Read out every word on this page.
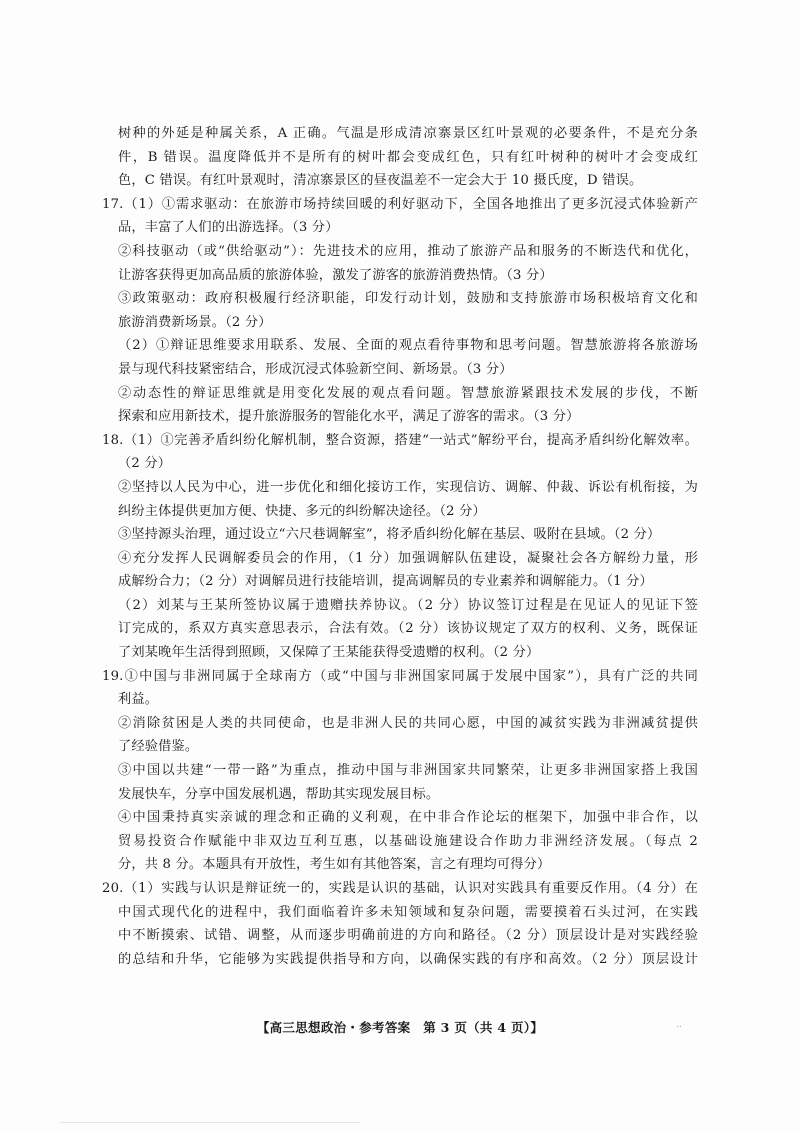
树种的外延是种属关系，A 正确。气温是形成清凉寨景区红叶景观的必要条件，不是充分条
件，B 错误。温度降低并不是所有的树叶都会变成红色，只有红叶树种的树叶才会变成红
色，C 错误。有红叶景观时，清凉寨景区的昼夜温差不一定会大于 10 摄氏度，D 错误。
17.（1）①需求驱动：在旅游市场持续回暖的利好驱动下，全国各地推出了更多沉浸式体验新产
品，丰富了人们的出游选择。（3 分）
②科技驱动（或“供给驱动”）：先进技术的应用，推动了旅游产品和服务的不断迭代和优化，
让游客获得更加高品质的旅游体验，激发了游客的旅游消费热情。（3 分）
③政策驱动：政府积极履行经济职能，印发行动计划，鼓励和支持旅游市场积极培育文化和
旅游消费新场景。（2 分）
（2）①辩证思维要求用联系、发展、全面的观点看待事物和思考问题。智慧旅游将各旅游场
景与现代科技紧密结合，形成沉浸式体验新空间、新场景。（3 分）
②动态性的辩证思维就是用变化发展的观点看问题。智慧旅游紧跟技术发展的步伐，不断
探索和应用新技术，提升旅游服务的智能化水平，满足了游客的需求。（3 分）
18.（1）①完善矛盾纠纷化解机制，整合资源，搭建“一站式”解纷平台，提高矛盾纠纷化解效率。
（2 分）
②坚持以人民为中心，进一步优化和细化接访工作，实现信访、调解、仲裁、诉讼有机衔接，为
纠纷主体提供更加方便、快捷、多元的纠纷解决途径。（2 分）
③坚持源头治理，通过设立“六尺巷调解室”，将矛盾纠纷化解在基层、吸附在县域。（2 分）
④充分发挥人民调解委员会的作用，（1 分）加强调解队伍建设，凝聚社会各方解纷力量，形
成解纷合力；（2 分）对调解员进行技能培训，提高调解员的专业素养和调解能力。（1 分）
（2）刘某与王某所签协议属于遗赠扶养协议。（2 分）协议签订过程是在见证人的见证下签
订完成的，系双方真实意思表示，合法有效。（2 分）该协议规定了双方的权利、义务，既保证
了刘某晚年生活得到照顾，又保障了王某能获得受遗赠的权利。（2 分）
19.①中国与非洲同属于全球南方（或“中国与非洲国家同属于发展中国家”），具有广泛的共同
利益。
②消除贫困是人类的共同使命，也是非洲人民的共同心愿，中国的减贫实践为非洲减贫提供
了经验借鉴。
③中国以共建“一带一路”为重点，推动中国与非洲国家共同繁荣，让更多非洲国家搭上我国
发展快车，分享中国发展机遇，帮助其实现发展目标。
④中国秉持真实亲诚的理念和正确的义利观，在中非合作论坛的框架下，加强中非合作，以
贸易投资合作赋能中非双边互利互惠，以基础设施建设合作助力非洲经济发展。（每点 2
分，共 8 分。本题具有开放性，考生如有其他答案，言之有理均可得分）
20.（1）实践与认识是辩证统一的，实践是认识的基础，认识对实践具有重要反作用。（4 分）在
中国式现代化的进程中，我们面临着许多未知领域和复杂问题，需要摸着石头过河，在实践
中不断摸索、试错、调整，从而逐步明确前进的方向和路径。（2 分）顶层设计是对实践经验
的总结和升华，它能够为实践提供指导和方向，以确保实践的有序和高效。（2 分）顶层设计
【高三思想政治・参考答案　第 3 页（共 4 页）】	..
